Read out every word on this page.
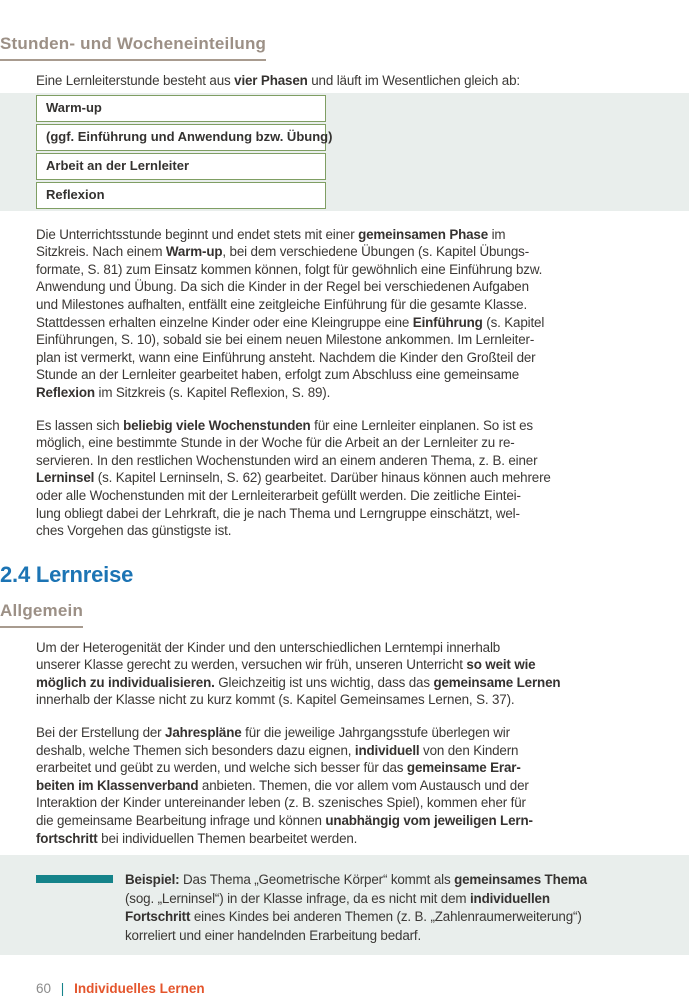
Stunden- und Wocheneinteilung
Eine Lernleiterstunde besteht aus vier Phasen und läuft im Wesentlichen gleich ab:
Warm-up
(ggf. Einführung und Anwendung bzw. Übung)
Arbeit an der Lernleiter
Reflexion
Die Unterrichtsstunde beginnt und endet stets mit einer gemeinsamen Phase im
Sitzkreis. Nach einem Warm-up, bei dem verschiedene Übungen (s. Kapitel Übungs-
formate, S. 81) zum Einsatz kommen können, folgt für gewöhnlich eine Einführung bzw.
Anwendung und Übung. Da sich die Kinder in der Regel bei verschiedenen Aufgaben
und Milestones aufhalten, entfällt eine zeitgleiche Einführung für die gesamte Klasse.
Stattdessen erhalten einzelne Kinder oder eine Kleingruppe eine Einführung (s. Kapitel
Einführungen, S. 10), sobald sie bei einem neuen Milestone ankommen. Im Lernleiter-
plan ist vermerkt, wann eine Einführung ansteht. Nachdem die Kinder den Großteil der
Stunde an der Lernleiter gearbeitet haben, erfolgt zum Abschluss eine gemeinsame
Reflexion im Sitzkreis (s. Kapitel Reflexion, S. 89).
Es lassen sich beliebig viele Wochenstunden für eine Lernleiter einplanen. So ist es
möglich, eine bestimmte Stunde in der Woche für die Arbeit an der Lernleiter zu re-
servieren. In den restlichen Wochenstunden wird an einem anderen Thema, z. B. einer
Lerninsel (s. Kapitel Lerninseln, S. 62) gearbeitet. Darüber hinaus können auch mehrere
oder alle Wochenstunden mit der Lernleiterarbeit gefüllt werden. Die zeitliche Eintei-
lung obliegt dabei der Lehrkraft, die je nach Thema und Lerngruppe einschätzt, wel-
ches Vorgehen das günstigste ist.
2.4 Lernreise
Allgemein
Um der Heterogenität der Kinder und den unterschiedlichen Lerntempi innerhalb
unserer Klasse gerecht zu werden, versuchen wir früh, unseren Unterricht so weit wie
möglich zu individualisieren. Gleichzeitig ist uns wichtig, dass das gemeinsame Lernen
innerhalb der Klasse nicht zu kurz kommt (s. Kapitel Gemeinsames Lernen, S. 37).
Bei der Erstellung der Jahrespläne für die jeweilige Jahrgangsstufe überlegen wir
deshalb, welche Themen sich besonders dazu eignen, individuell von den Kindern
erarbeitet und geübt zu werden, und welche sich besser für das gemeinsame Erar-
beiten im Klassenverband anbieten. Themen, die vor allem vom Austausch und der
Interaktion der Kinder untereinander leben (z. B. szenisches Spiel), kommen eher für
die gemeinsame Bearbeitung infrage und können unabhängig vom jeweiligen Lern-
fortschritt bei individuellen Themen bearbeitet werden.
Beispiel: Das Thema „Geometrische Körper“ kommt als gemeinsames Thema
(sog. „Lerninsel“) in der Klasse infrage, da es nicht mit dem individuellen
Fortschritt eines Kindes bei anderen Themen (z. B. „Zahlenraumerweiterung“)
korreliert und einer handelnden Erarbeitung bedarf.
60 | Individuelles Lernen
